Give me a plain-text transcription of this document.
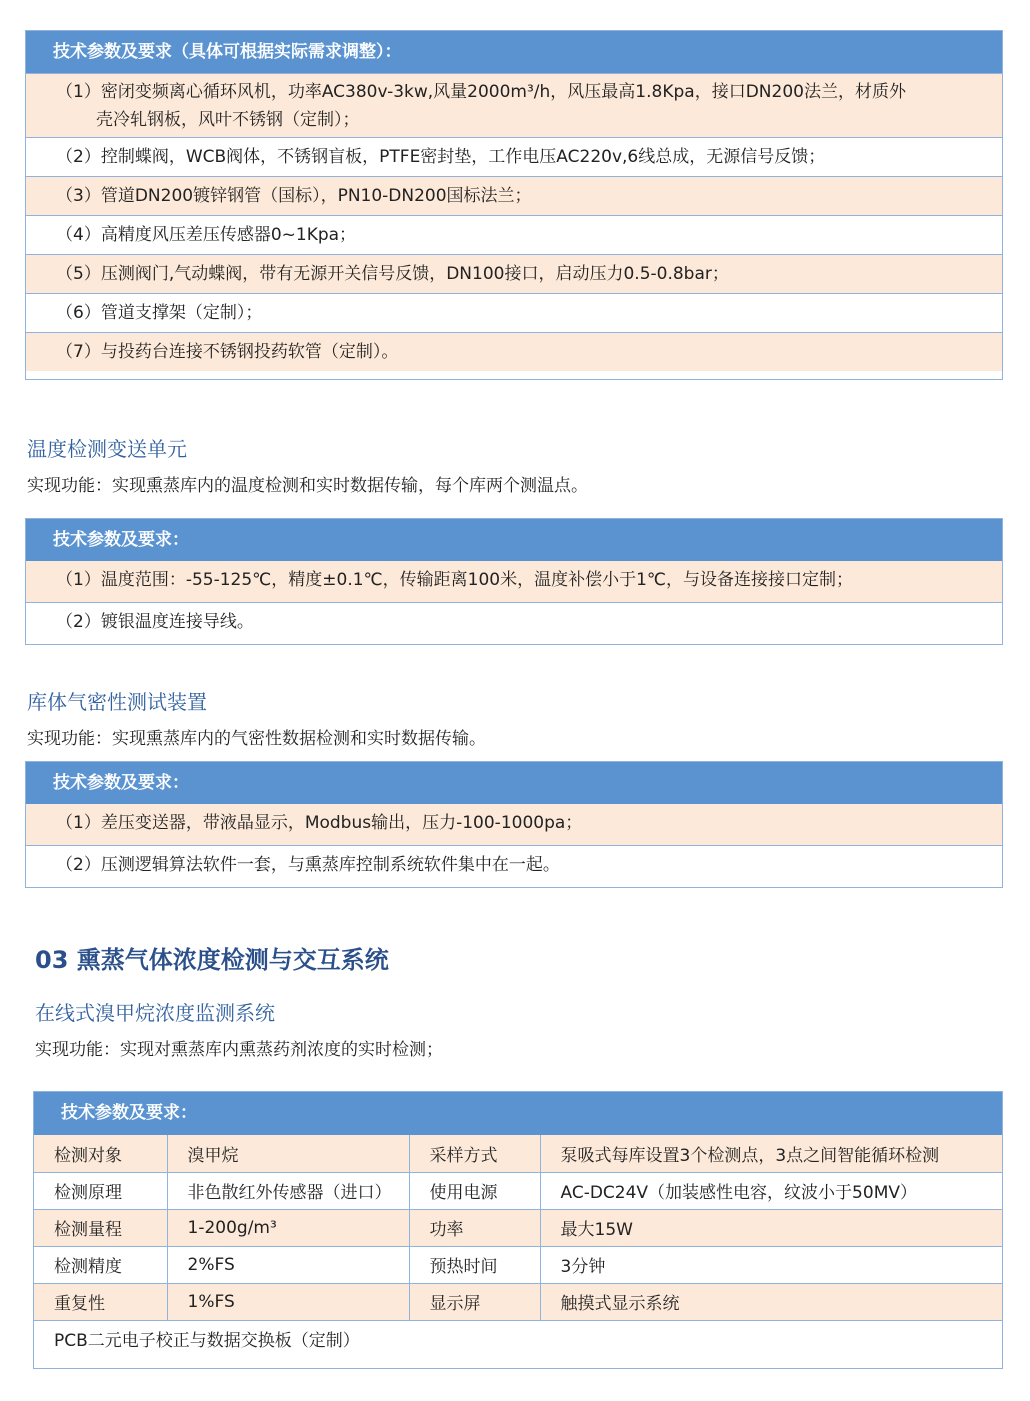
技术参数及要求（具体可根据实际需求调整）：
（1）密闭变频离心循环风机，功率AC380v-3kw,风量2000m³/h，风压最高1.8Kpa，接口DN200法兰，材质外
壳冷轧钢板，风叶不锈钢（定制）；
（2）控制蝶阀，WCB阀体，不锈钢盲板，PTFE密封垫，工作电压AC220v,6线总成，无源信号反馈；
（3）管道DN200镀锌钢管（国标），PN10-DN200国标法兰；
（4）高精度风压差压传感器0~1Kpa；
（5）压测阀门,气动蝶阀，带有无源开关信号反馈，DN100接口，启动压力0.5-0.8bar；
（6）管道支撑架（定制）；
（7）与投药台连接不锈钢投药软管（定制）。
温度检测变送单元
实现功能：实现熏蒸库内的温度检测和实时数据传输，每个库两个测温点。
技术参数及要求：
（1）温度范围：-55-125℃，精度±0.1℃，传输距离100米，温度补偿小于1℃，与设备连接接口定制；
（2）镀银温度连接导线。
库体气密性测试装置
实现功能：实现熏蒸库内的气密性数据检测和实时数据传输。
技术参数及要求：
（1）差压变送器，带液晶显示，Modbus输出，压力-100-1000pa；
（2）压测逻辑算法软件一套，与熏蒸库控制系统软件集中在一起。
03 熏蒸气体浓度检测与交互系统
在线式溴甲烷浓度监测系统
实现功能：实现对熏蒸库内熏蒸药剂浓度的实时检测；
技术参数及要求：
检测对象	溴甲烷	采样方式	泵吸式每库设置3个检测点，3点之间智能循环检测
检测原理	非色散红外传感器（进口）	使用电源	AC-DC24V（加装感性电容，纹波小于50MV）
检测量程	1-200g/m³	功率	最大15W
检测精度	2%FS	预热时间	3分钟
重复性	1%FS	显示屏	触摸式显示系统
PCB二元电子校正与数据交换板（定制）			
